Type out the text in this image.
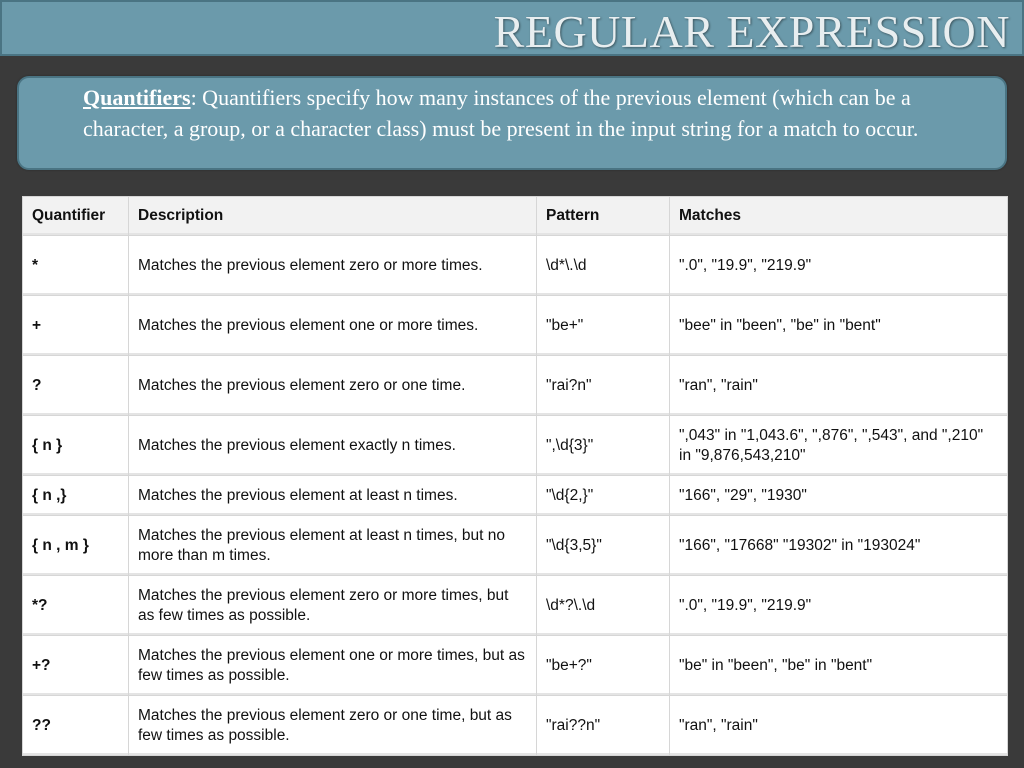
REGULAR EXPRESSION
Quantifiers: Quantifiers specify how many instances of the previous element (which can be a character, a group, or a character class) must be present in the input string for a match to occur.
Quantifier	Description	Pattern	Matches
*	Matches the previous element zero or more times.	\d*\.\d	".0", "19.9", "219.9"
+	Matches the previous element one or more times.	"be+"	"bee" in "been", "be" in "bent"
?	Matches the previous element zero or one time.	"rai?n"	"ran", "rain"
{ n }	Matches the previous element exactly n times.	",\d{3}"	",043" in "1,043.6", ",876", ",543", and ",210" in "9,876,543,210"
{ n ,}	Matches the previous element at least n times.	"\d{2,}"	"166", "29", "1930"
{ n , m }	Matches the previous element at least n times, but no more than m times.	"\d{3,5}"	"166", "17668" "19302" in "193024"
*?	Matches the previous element zero or more times, but as few times as possible.	\d*?\.\d	".0", "19.9", "219.9"
+?	Matches the previous element one or more times, but as few times as possible.	"be+?"	"be" in "been", "be" in "bent"
??	Matches the previous element zero or one time, but as few times as possible.	"rai??n"	"ran", "rain"
